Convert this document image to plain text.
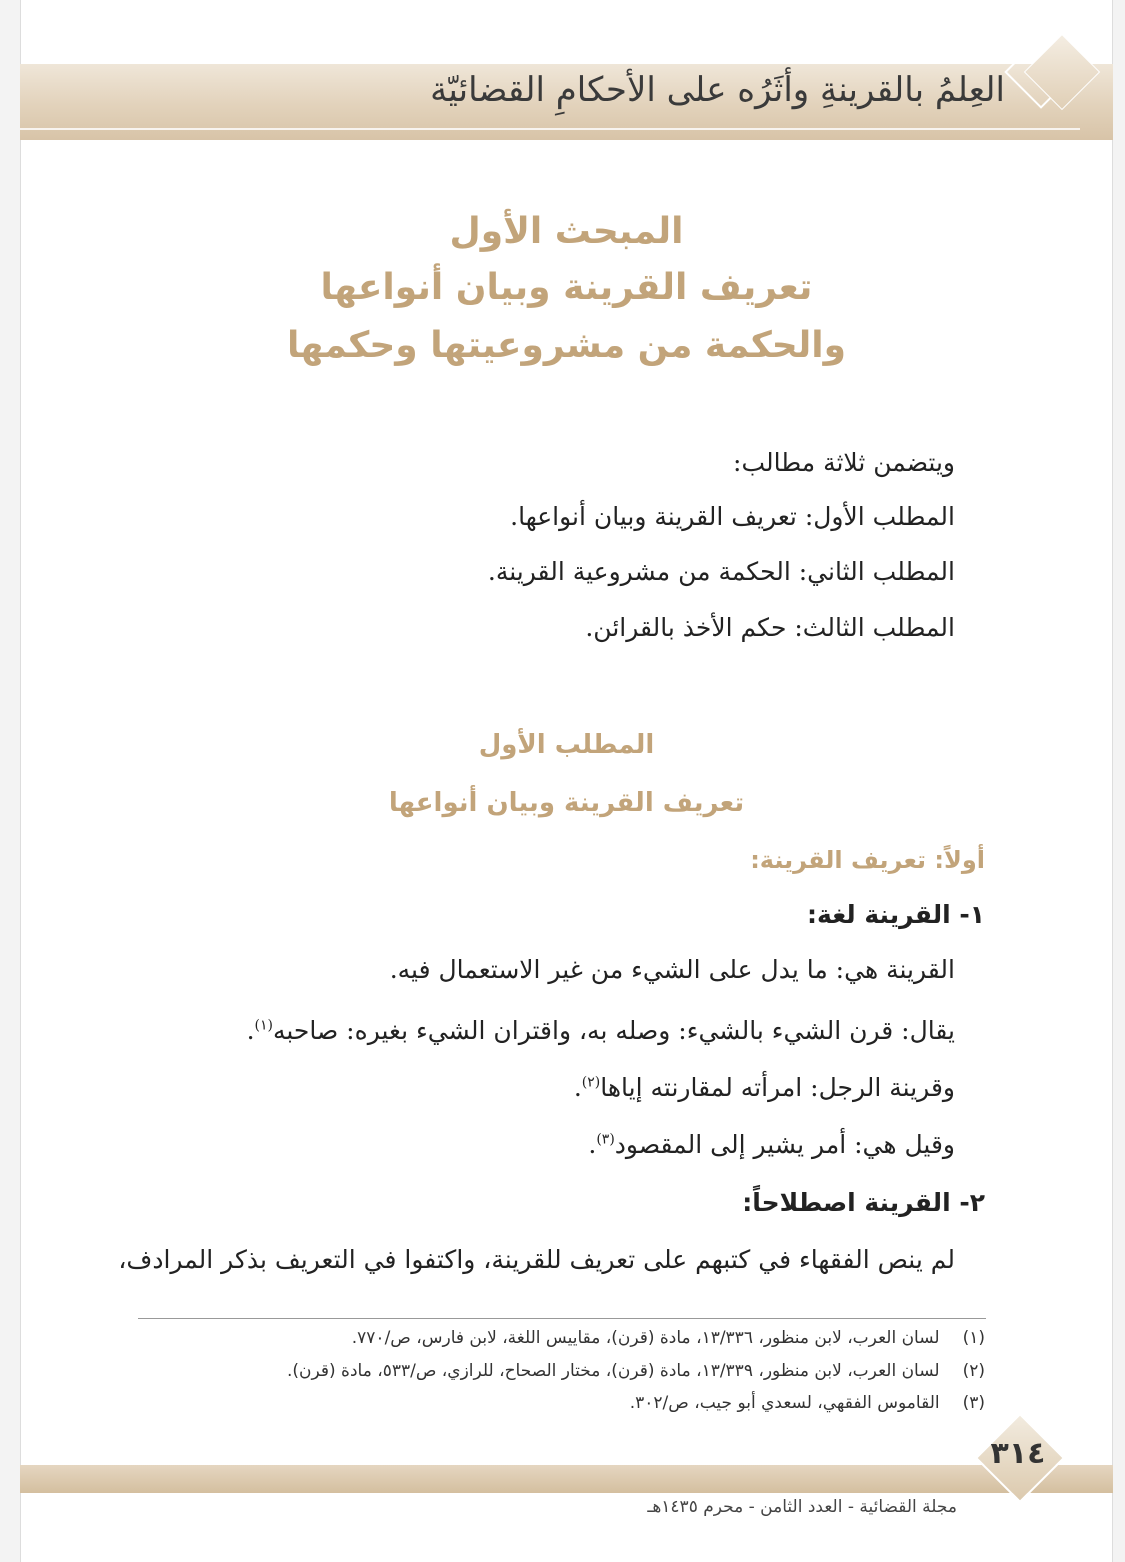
العِلمُ بالقرينةِ وأثَرُه على الأحكامِ القضائيّة
المبحث الأول
تعريف القرينة وبيان أنواعها
والحكمة من مشروعيتها وحكمها
ويتضمن ثلاثة مطالب:
المطلب الأول: تعريف القرينة وبيان أنواعها.
المطلب الثاني: الحكمة من مشروعية القرينة.
المطلب الثالث: حكم الأخذ بالقرائن.
المطلب الأول
تعريف القرينة وبيان أنواعها
أولاً: تعريف القرينة:
١- القرينة لغة:
القرينة هي: ما يدل على الشيء من غير الاستعمال فيه.
يقال: قرن الشيء بالشيء: وصله به، واقتران الشيء بغيره: صاحبه$^{(١)}$.
وقرينة الرجل: امرأته لمقارنته إياها$^{(٢)}$.
وقيل هي: أمر يشير إلى المقصود$^{(٣)}$.
٢- القرينة اصطلاحاً:
لم ينص الفقهاء في كتبهم على تعريف للقرينة، واكتفوا في التعريف بذكر المرادف،
(١) لسان العرب، لابن منظور، ١٣/٣٣٦، مادة (قرن)، مقاييس اللغة، لابن فارس، ص/٧٧٠.
(٢) لسان العرب، لابن منظور، ١٣/٣٣٩، مادة (قرن)، مختار الصحاح، للرازي، ص/٥٣٣، مادة (قرن).
(٣) القاموس الفقهي، لسعدي أبو جيب، ص/٣٠٢.
٣١٤
مجلة القضائية - العدد الثامن - محرم ١٤٣٥هـ
